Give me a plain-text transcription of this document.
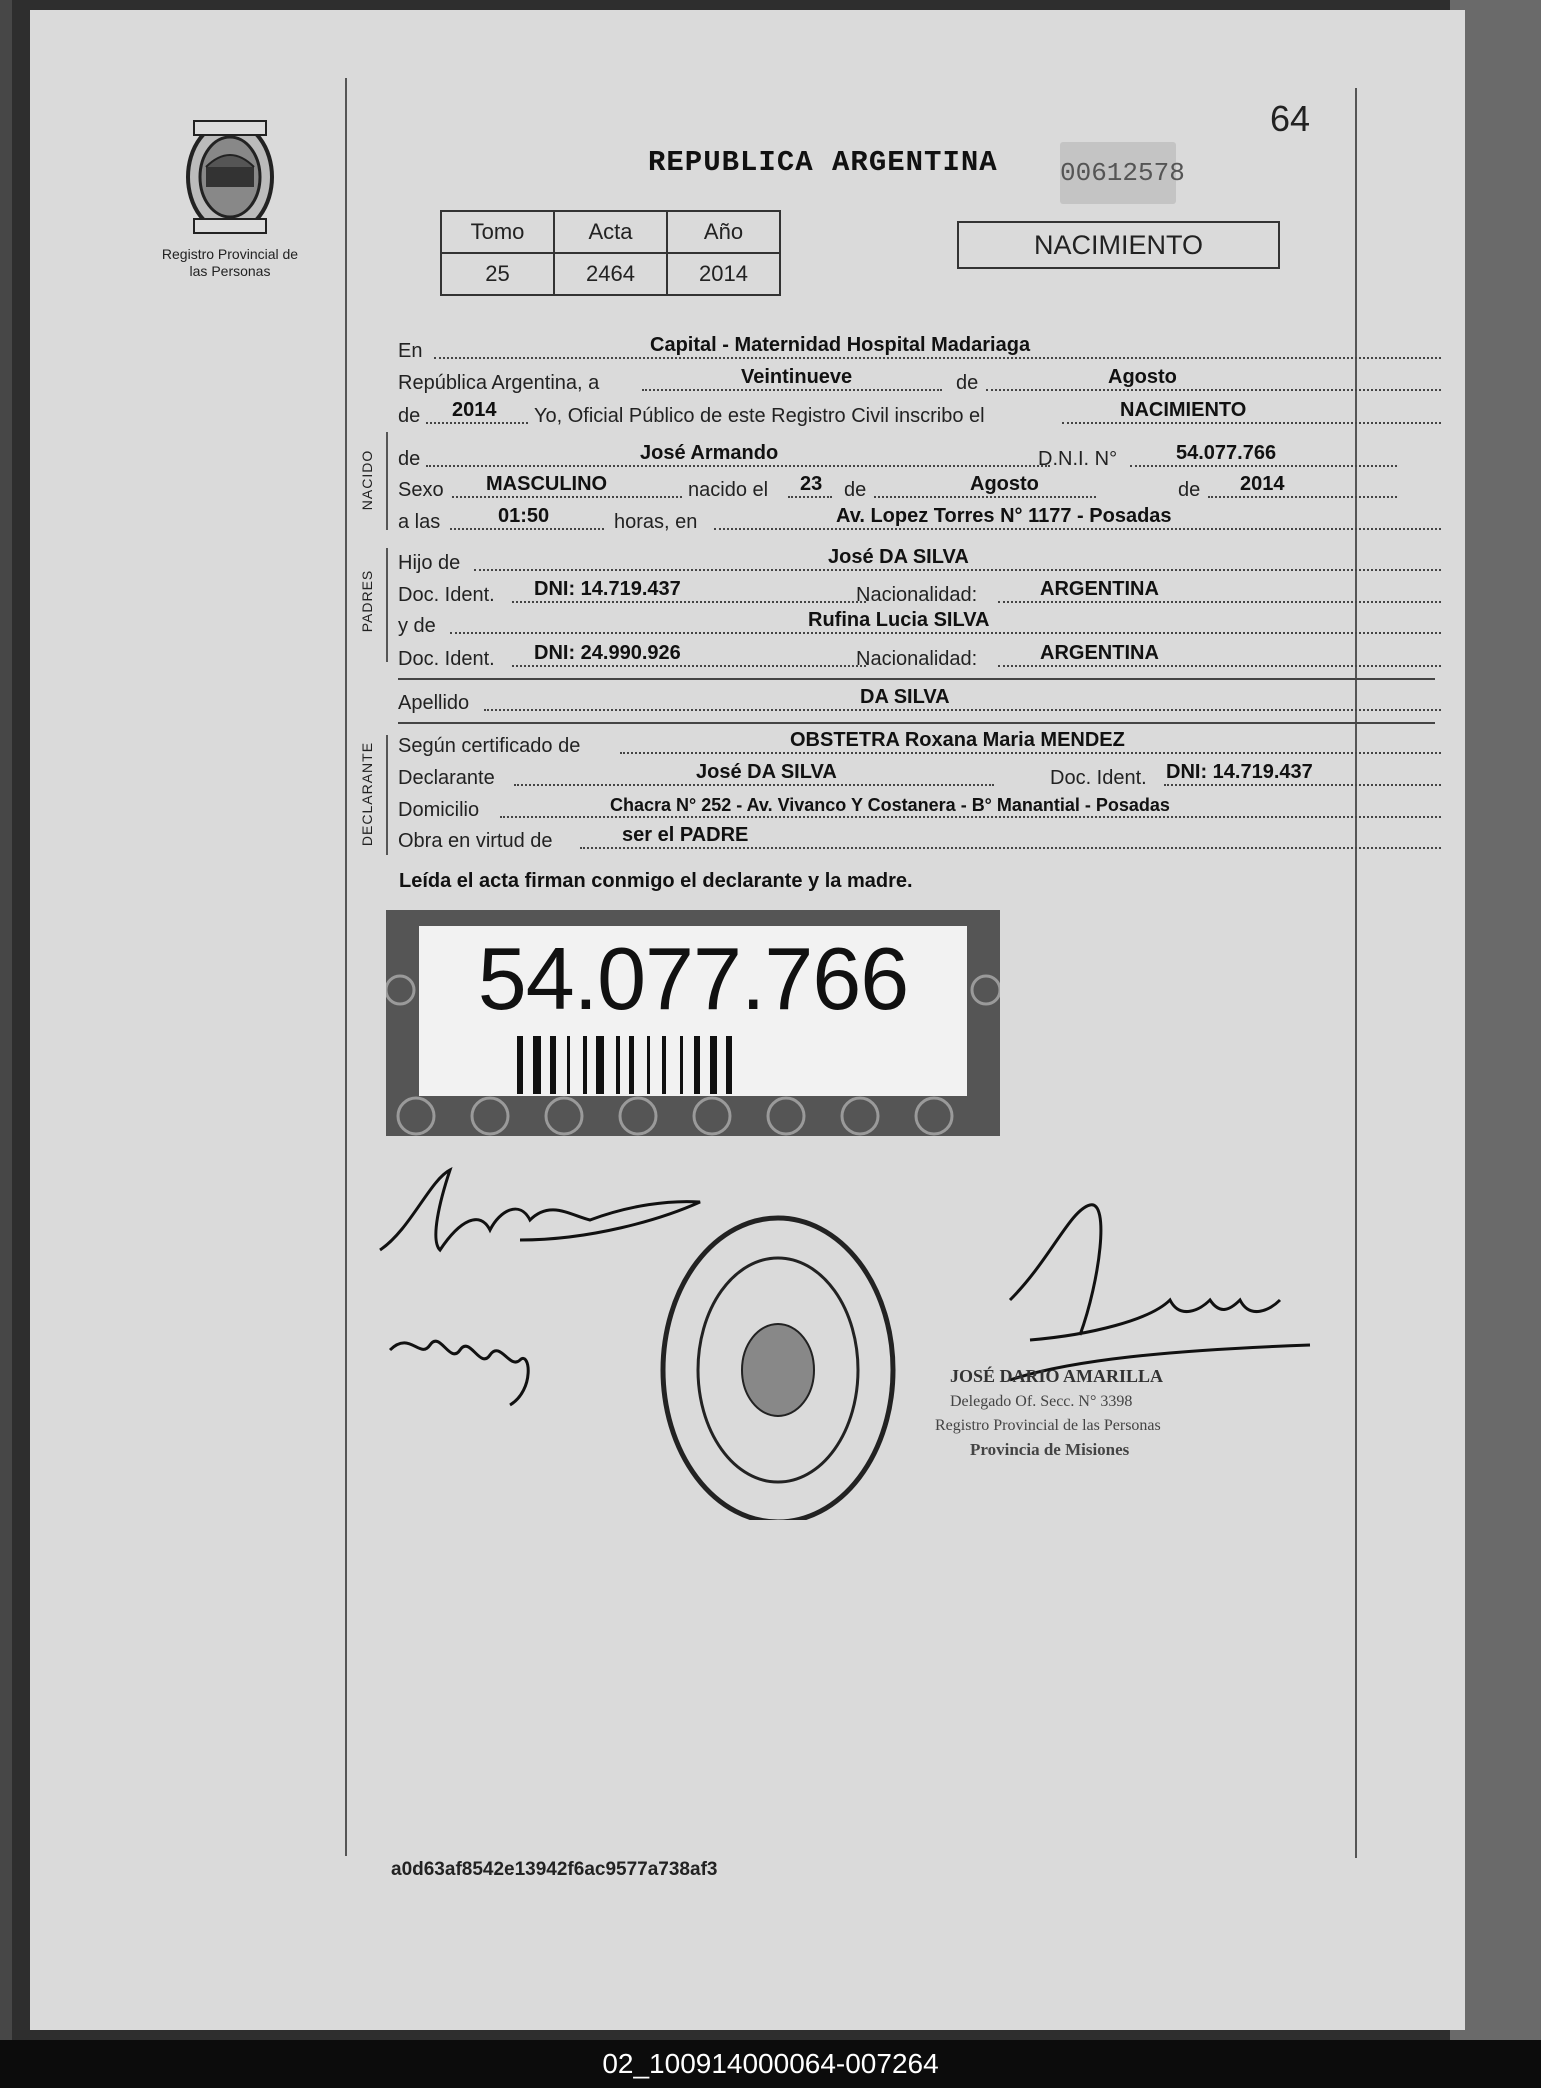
Registro Provincial de las Personas
64
REPUBLICA ARGENTINA 00612578
Tomo	Acta	Año
25	2464	2014
NACIMIENTO
En	Capital - Maternidad Hospital Madariaga
República Argentina, a	Veintinueve	de	Agosto
de 2014 Yo, Oficial Público de este Registro Civil inscribo el	NACIMIENTO
NACIDO de	José Armando	D.N.I. N°	54.077.766
Sexo MASCULINO	nacido el 23 de	Agosto	de 2014
a las	01:50	horas, en	Av. Lopez Torres N° 1177 - Posadas
PADRES
Hijo de	José DA SILVA
Doc. Ident. DNI: 14.719.437	Nacionalidad:	ARGENTINA
y de	Rufina Lucia SILVA
Doc. Ident. DNI: 24.990.926	Nacionalidad:	ARGENTINA
Apellido	DA SILVA
DECLARANTE Según certificado de	OBSTETRA Roxana Maria MENDEZ
Declarante	José DA SILVA	Doc. Ident. DNI: 14.719.437
Domicilio	Chacra N° 252 - Av. Vivanco Y Costanera - B° Manantial - Posadas
Obra en virtud de	ser el PADRE
Leída el acta firman conmigo el declarante y la madre.
54.077.766
JOSÉ DARIO AMARILLA
Delegado Of. Secc. N° 3398
Registro Provincial de las Personas
Provincia de Misiones
a0d63af8542e13942f6ac9577a738af3
02_100914000064-007264
